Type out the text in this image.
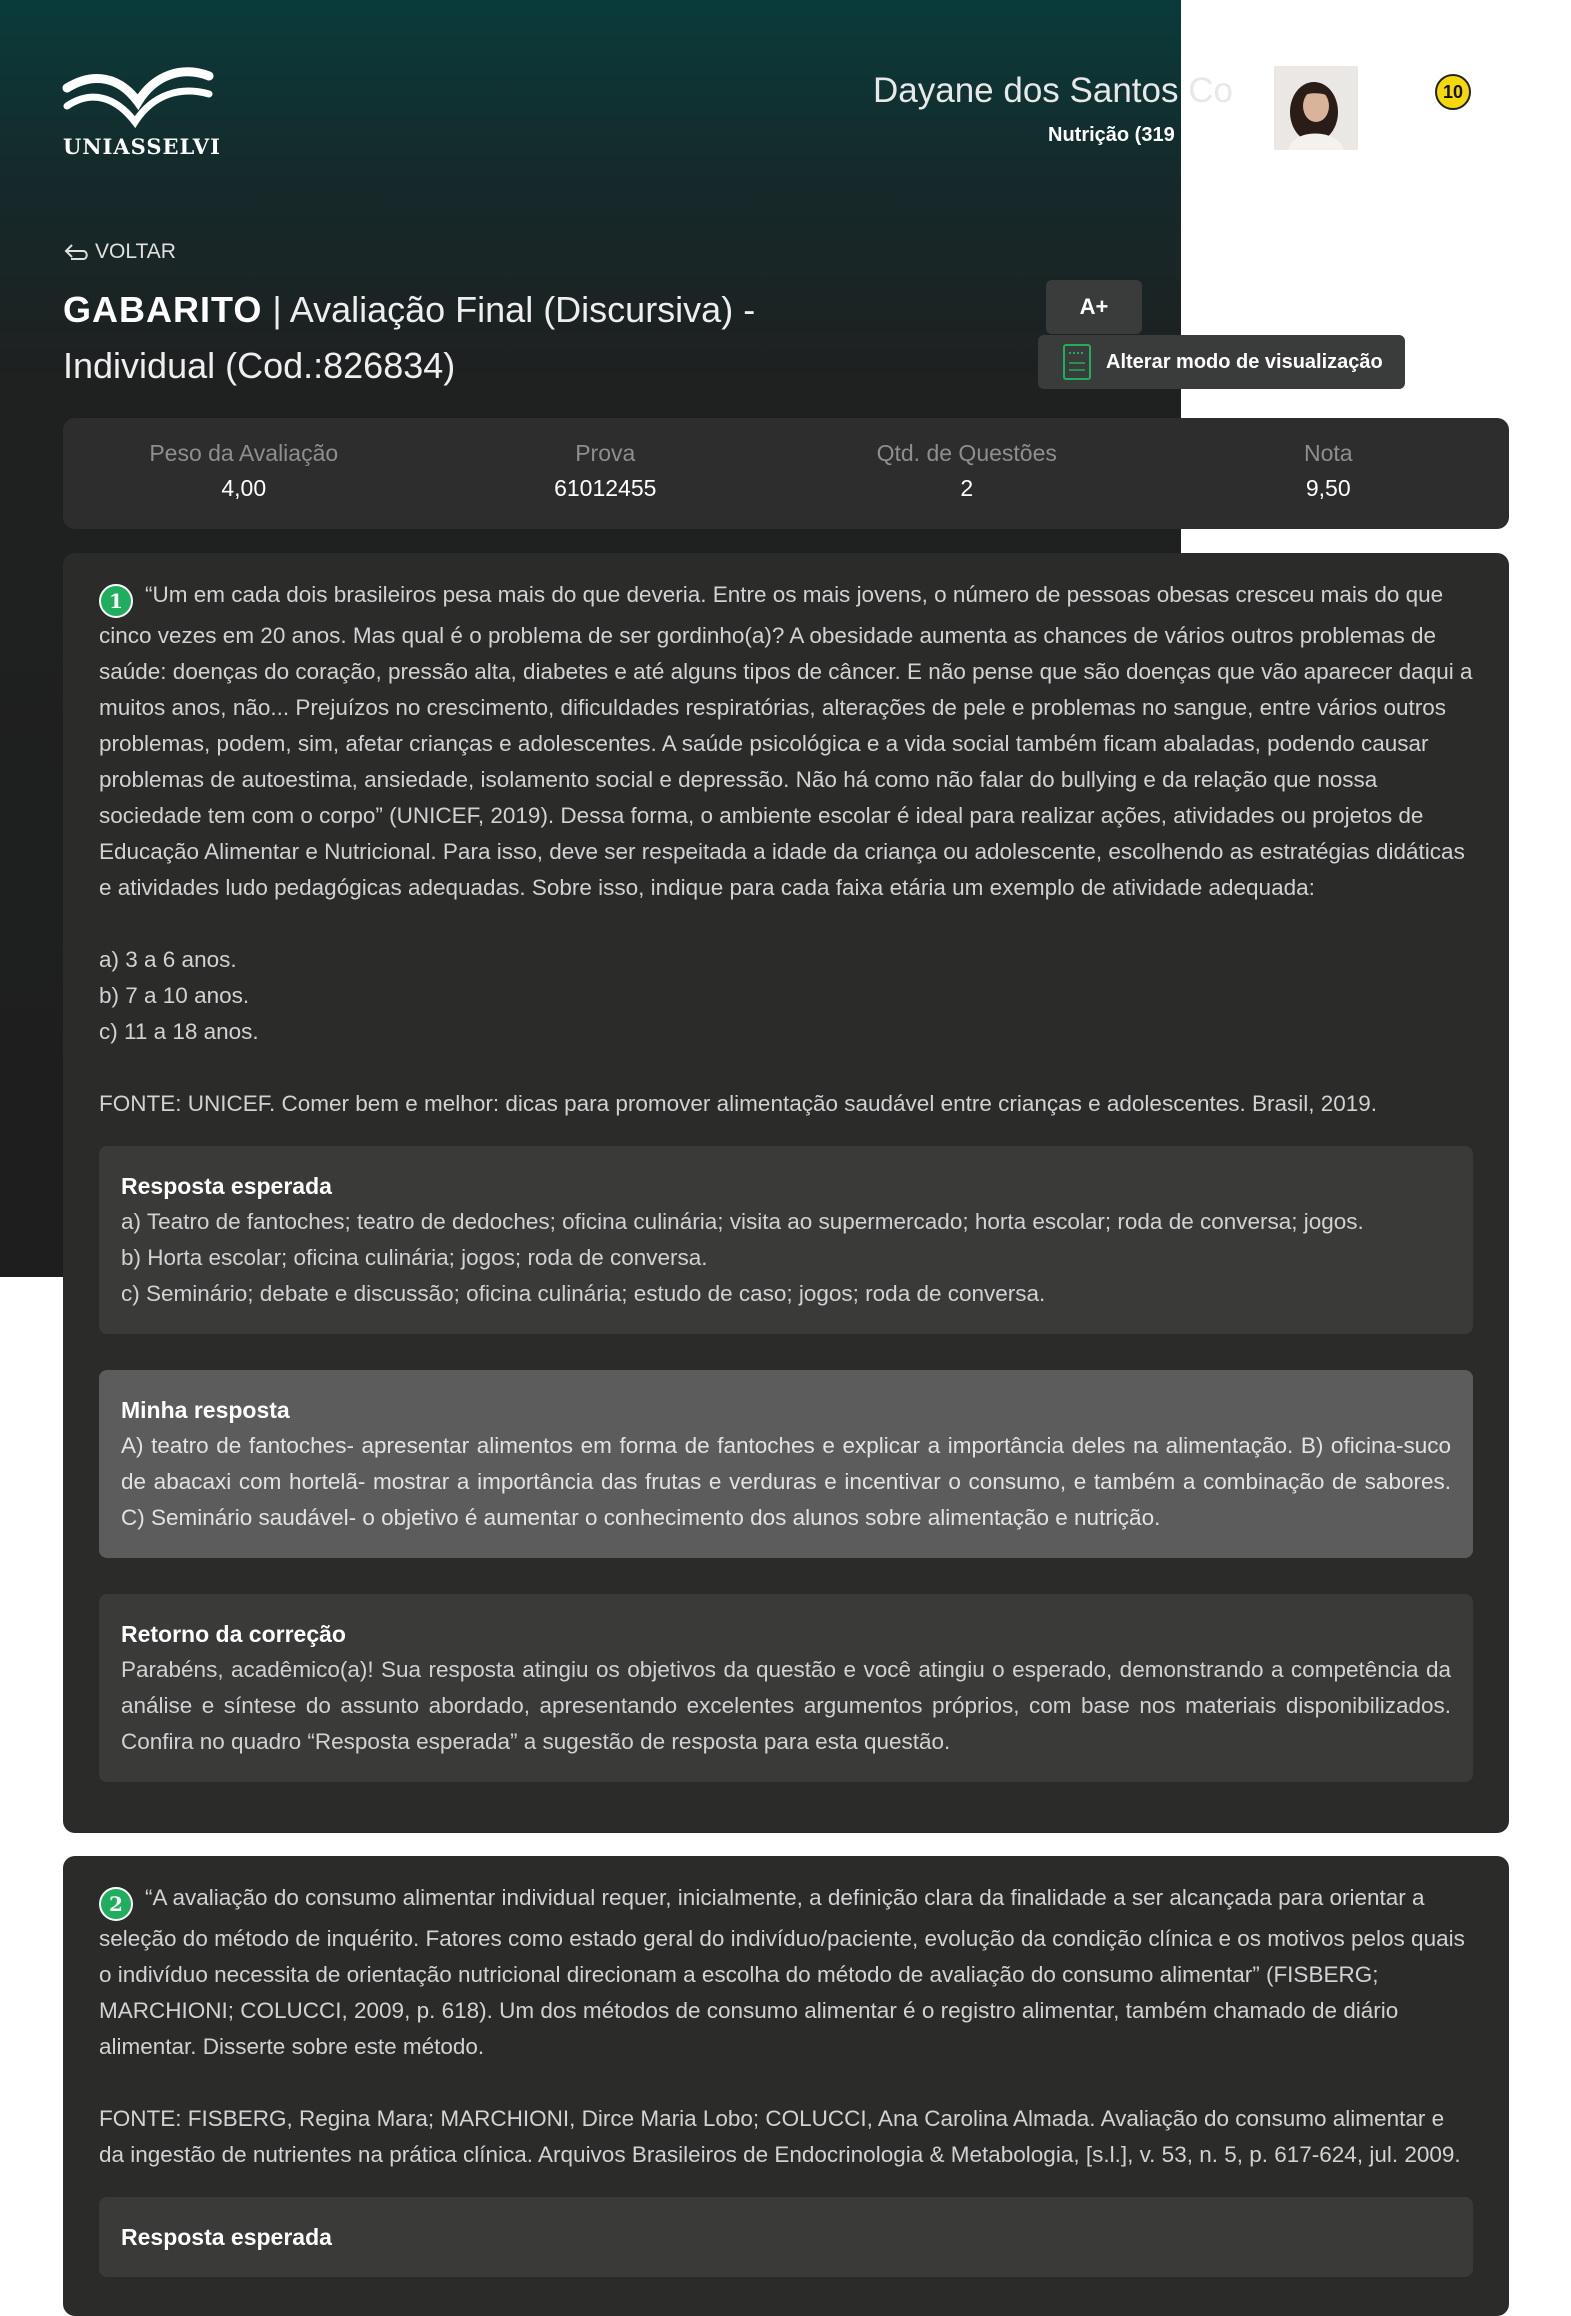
UNIASSELVI
Dayane dos Santos Co
Nutrição (319
10
VOLTAR
GABARITO | Avaliação Final (Discursiva) - Individual (Cod.:826834)
A+
Alterar modo de visualização
Peso da Avaliação
4,00
Prova
61012455
Qtd. de Questões
2
Nota
9,50
1 “Um em cada dois brasileiros pesa mais do que deveria. Entre os mais jovens, o número de pessoas obesas cresceu mais do que cinco vezes em 20 anos. Mas qual é o problema de ser gordinho(a)? A obesidade aumenta as chances de vários outros problemas de saúde: doenças do coração, pressão alta, diabetes e até alguns tipos de câncer. E não pense que são doenças que vão aparecer daqui a muitos anos, não... Prejuízos no crescimento, dificuldades respiratórias, alterações de pele e problemas no sangue, entre vários outros problemas, podem, sim, afetar crianças e adolescentes. A saúde psicológica e a vida social também ficam abaladas, podendo causar problemas de autoestima, ansiedade, isolamento social e depressão. Não há como não falar do bullying e da relação que nossa sociedade tem com o corpo” (UNICEF, 2019). Dessa forma, o ambiente escolar é ideal para realizar ações, atividades ou projetos de Educação Alimentar e Nutricional. Para isso, deve ser respeitada a idade da criança ou adolescente, escolhendo as estratégias didáticas e atividades ludo pedagógicas adequadas. Sobre isso, indique para cada faixa etária um exemplo de atividade adequada:
a) 3 a 6 anos.
b) 7 a 10 anos.
c) 11 a 18 anos.
FONTE: UNICEF. Comer bem e melhor: dicas para promover alimentação saudável entre crianças e adolescentes. Brasil, 2019.
Resposta esperada
a) Teatro de fantoches; teatro de dedoches; oficina culinária; visita ao supermercado; horta escolar; roda de conversa; jogos.
b) Horta escolar; oficina culinária; jogos; roda de conversa.
c) Seminário; debate e discussão; oficina culinária; estudo de caso; jogos; roda de conversa.
Minha resposta
A) teatro de fantoches- apresentar alimentos em forma de fantoches e explicar a importância deles na alimentação. B) oficina-suco de abacaxi com hortelã- mostrar a importância das frutas e verduras e incentivar o consumo, e também a combinação de sabores. C) Seminário saudável- o objetivo é aumentar o conhecimento dos alunos sobre alimentação e nutrição.
Retorno da correção
Parabéns, acadêmico(a)! Sua resposta atingiu os objetivos da questão e você atingiu o esperado, demonstrando a competência da análise e síntese do assunto abordado, apresentando excelentes argumentos próprios, com base nos materiais disponibilizados. Confira no quadro “Resposta esperada” a sugestão de resposta para esta questão.
2 “A avaliação do consumo alimentar individual requer, inicialmente, a definição clara da finalidade a ser alcançada para orientar a seleção do método de inquérito. Fatores como estado geral do indivíduo/paciente, evolução da condição clínica e os motivos pelos quais o indivíduo necessita de orientação nutricional direcionam a escolha do método de avaliação do consumo alimentar” (FISBERG; MARCHIONI; COLUCCI, 2009, p. 618). Um dos métodos de consumo alimentar é o registro alimentar, também chamado de diário alimentar. Disserte sobre este método.
FONTE: FISBERG, Regina Mara; MARCHIONI, Dirce Maria Lobo; COLUCCI, Ana Carolina Almada. Avaliação do consumo alimentar e da ingestão de nutrientes na prática clínica. Arquivos Brasileiros de Endocrinologia & Metabologia, [s.l.], v. 53, n. 5, p. 617-624, jul. 2009.
Resposta esperada
